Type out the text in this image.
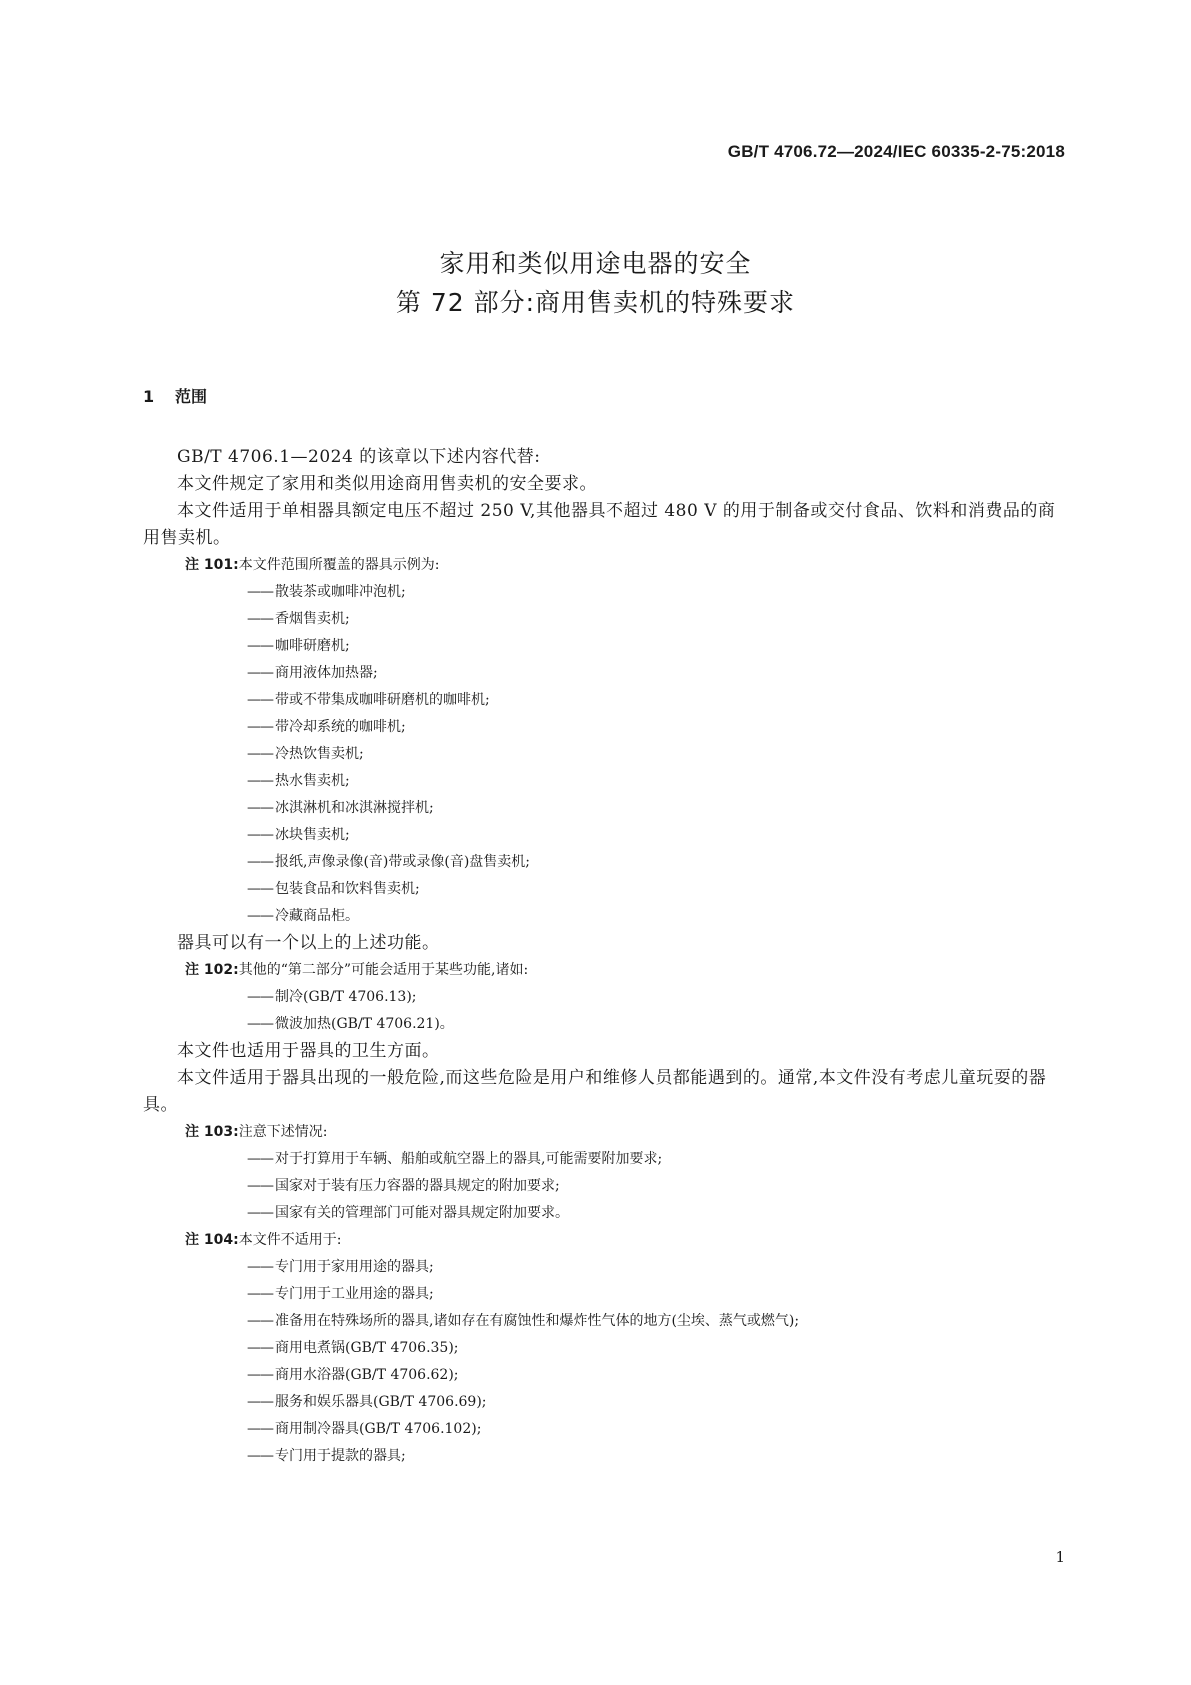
GB/T 4706.72—2024/IEC 60335-2-75:2018
家用和类似用途电器的安全
第 72 部分:商用售卖机的特殊要求
1 范围

GB/T 4706.1—2024 的该章以下述内容代替:

本文件规定了家用和类似用途商用售卖机的安全要求。

本文件适用于单相器具额定电压不超过 250 V,其他器具不超过 480 V 的用于制备或交付食品、饮料和消费品的商用售卖机。

注 101:本文件范围所覆盖的器具示例为:
—— 散装茶或咖啡冲泡机;
—— 香烟售卖机;
—— 咖啡研磨机;
—— 商用液体加热器;
—— 带或不带集成咖啡研磨机的咖啡机;
—— 带冷却系统的咖啡机;
—— 冷热饮售卖机;
—— 热水售卖机;
—— 冰淇淋机和冰淇淋搅拌机;
—— 冰块售卖机;
—— 报纸,声像录像(音)带或录像(音)盘售卖机;
—— 包装食品和饮料售卖机;
—— 冷藏商品柜。

器具可以有一个以上的上述功能。

注 102:其他的“第二部分”可能会适用于某些功能,诸如:
—— 制冷(GB/T 4706.13);
—— 微波加热(GB/T 4706.21)。

本文件也适用于器具的卫生方面。

本文件适用于器具出现的一般危险,而这些危险是用户和维修人员都能遇到的。通常,本文件没有考虑儿童玩耍的器具。

注 103:注意下述情况:
—— 对于打算用于车辆、船舶或航空器上的器具,可能需要附加要求;
—— 国家对于装有压力容器的器具规定的附加要求;
—— 国家有关的管理部门可能对器具规定附加要求。
注 104:本文件不适用于:
—— 专门用于家用用途的器具;
—— 专门用于工业用途的器具;
—— 准备用在特殊场所的器具,诸如存在有腐蚀性和爆炸性气体的地方(尘埃、蒸气或燃气);
—— 商用电煮锅(GB/T 4706.35);
—— 商用水浴器(GB/T 4706.62);
—— 服务和娱乐器具(GB/T 4706.69);
—— 商用制冷器具(GB/T 4706.102);
—— 专门用于提款的器具;
1
